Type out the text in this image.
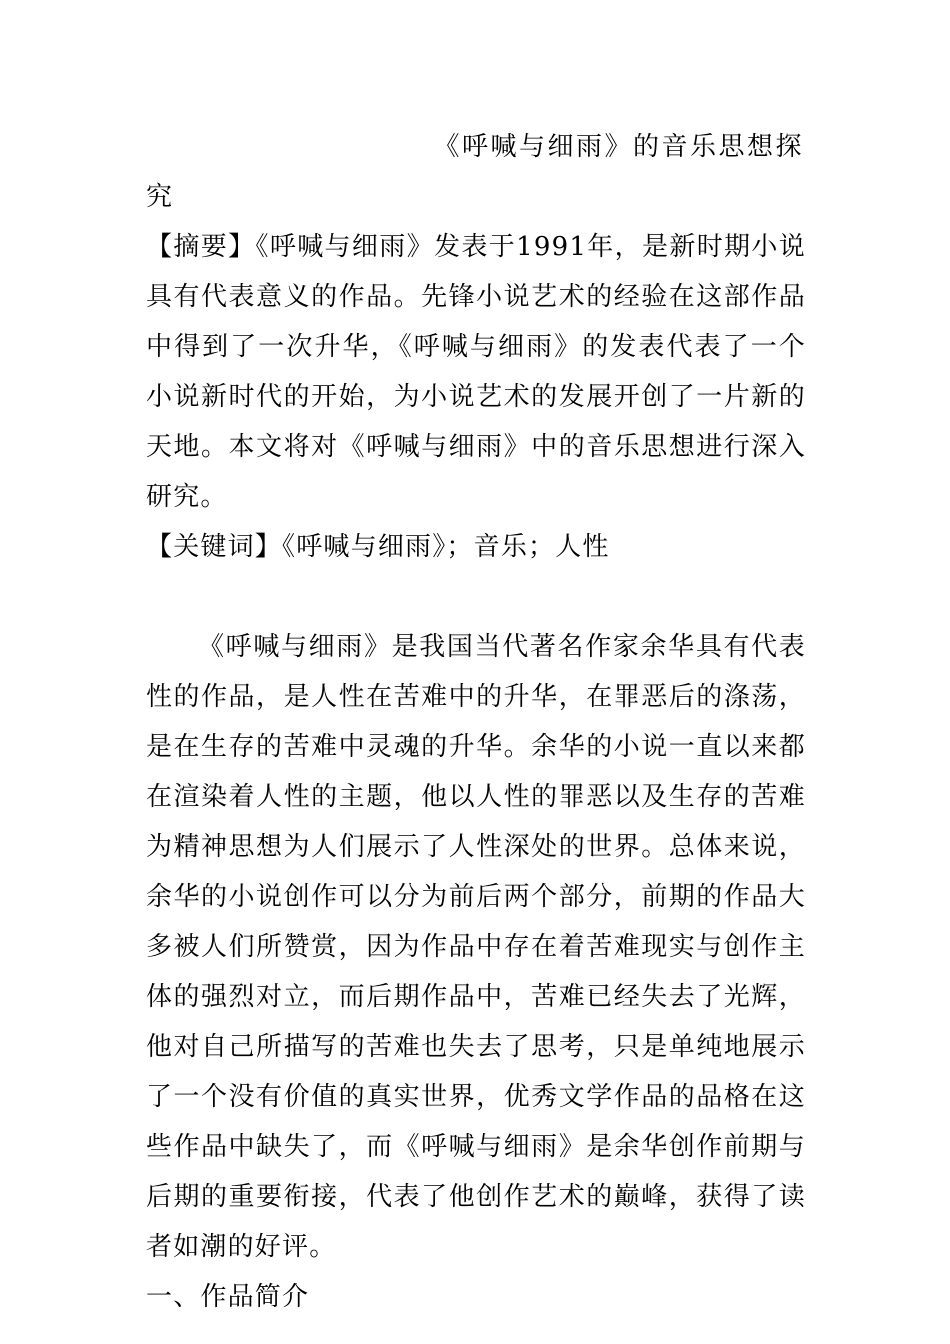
《呼喊与细雨》的音乐思想探
究

【摘要】《呼喊与细雨》发表于1991年，是新时期小说具有代表意义的作品。先锋小说艺术的经验在这部作品中得到了一次升华，《呼喊与细雨》的发表代表了一个小说新时代的开始，为小说艺术的发展开创了一片新的天地。本文将对《呼喊与细雨》中的音乐思想进行深入研究。

【关键词】《呼喊与细雨》；音乐；人性

《呼喊与细雨》是我国当代著名作家余华具有代表性的作品，是人性在苦难中的升华，在罪恶后的涤荡，是在生存的苦难中灵魂的升华。余华的小说一直以来都在渲染着人性的主题，他以人性的罪恶以及生存的苦难为精神思想为人们展示了人性深处的世界。总体来说，余华的小说创作可以分为前后两个部分，前期的作品大多被人们所赞赏，因为作品中存在着苦难现实与创作主体的强烈对立，而后期作品中，苦难已经失去了光辉，他对自己所描写的苦难也失去了思考，只是单纯地展示了一个没有价值的真实世界，优秀文学作品的品格在这些作品中缺失了，而《呼喊与细雨》是余华创作前期与后期的重要衔接，代表了他创作艺术的巅峰，获得了读者如潮的好评。

一、作品简介
